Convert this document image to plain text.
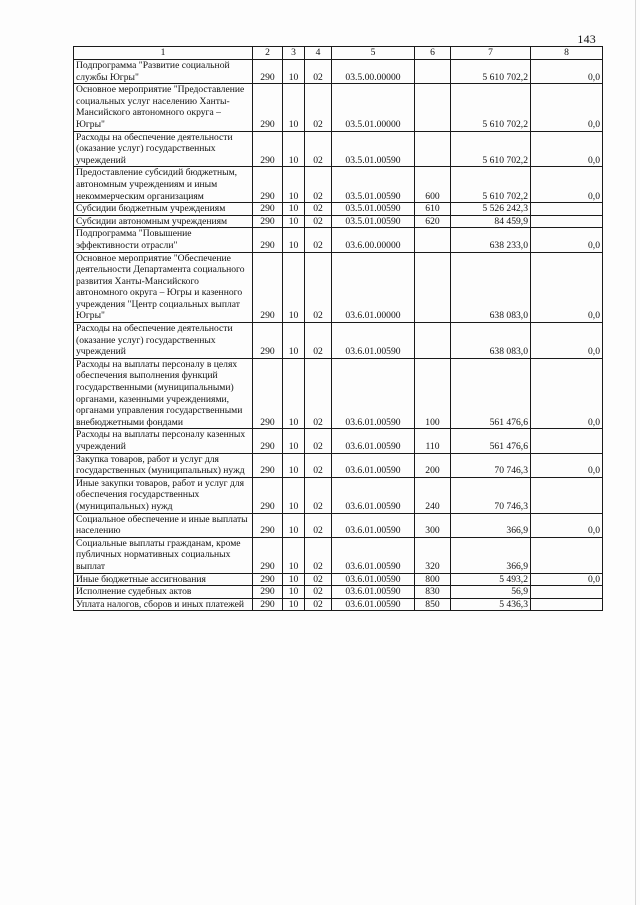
143
1	2	3	4	5	6	7	8
Подпрограмма "Развитие социальной службы Югры"	290	10	02	03.5.00.00000		5 610 702,2	0,0
Основное мероприятие "Предоставление социальных услуг населению Ханты-Мансийского автономного округа – Югры"	290	10	02	03.5.01.00000		5 610 702,2	0,0
Расходы на обеспечение деятельности (оказание услуг) государственных учреждений	290	10	02	03.5.01.00590		5 610 702,2	0,0
Предоставление субсидий бюджетным, автономным учреждениям и иным некоммерческим организациям	290	10	02	03.5.01.00590	600	5 610 702,2	0,0
Субсидии бюджетным учреждениям	290	10	02	03.5.01.00590	610	5 526 242,3	
Субсидии автономным учреждениям	290	10	02	03.5.01.00590	620	84 459,9	
Подпрограмма "Повышение эффективности отрасли"	290	10	02	03.6.00.00000		638 233,0	0,0
Основное мероприятие "Обеспечение деятельности Департамента социального развития Ханты-Мансийского автономного округа – Югры и казенного учреждения "Центр социальных выплат Югры"	290	10	02	03.6.01.00000		638 083,0	0,0
Расходы на обеспечение деятельности (оказание услуг) государственных учреждений	290	10	02	03.6.01.00590		638 083,0	0,0
Расходы на выплаты персоналу в целях обеспечения выполнения функций государственными (муниципальными) органами, казенными учреждениями, органами управления государственными внебюджетными фондами	290	10	02	03.6.01.00590	100	561 476,6	0,0
Расходы на выплаты персоналу казенных учреждений	290	10	02	03.6.01.00590	110	561 476,6	
Закупка товаров, работ и услуг для государственных (муниципальных) нужд	290	10	02	03.6.01.00590	200	70 746,3	0,0
Иные закупки товаров, работ и услуг для обеспечения государственных (муниципальных) нужд	290	10	02	03.6.01.00590	240	70 746,3	
Социальное обеспечение и иные выплаты населению	290	10	02	03.6.01.00590	300	366,9	0,0
Социальные выплаты гражданам, кроме публичных нормативных социальных выплат	290	10	02	03.6.01.00590	320	366,9	
Иные бюджетные ассигнования	290	10	02	03.6.01.00590	800	5 493,2	0,0
Исполнение судебных актов	290	10	02	03.6.01.00590	830	56,9	
Уплата налогов, сборов и иных платежей	290	10	02	03.6.01.00590	850	5 436,3	
